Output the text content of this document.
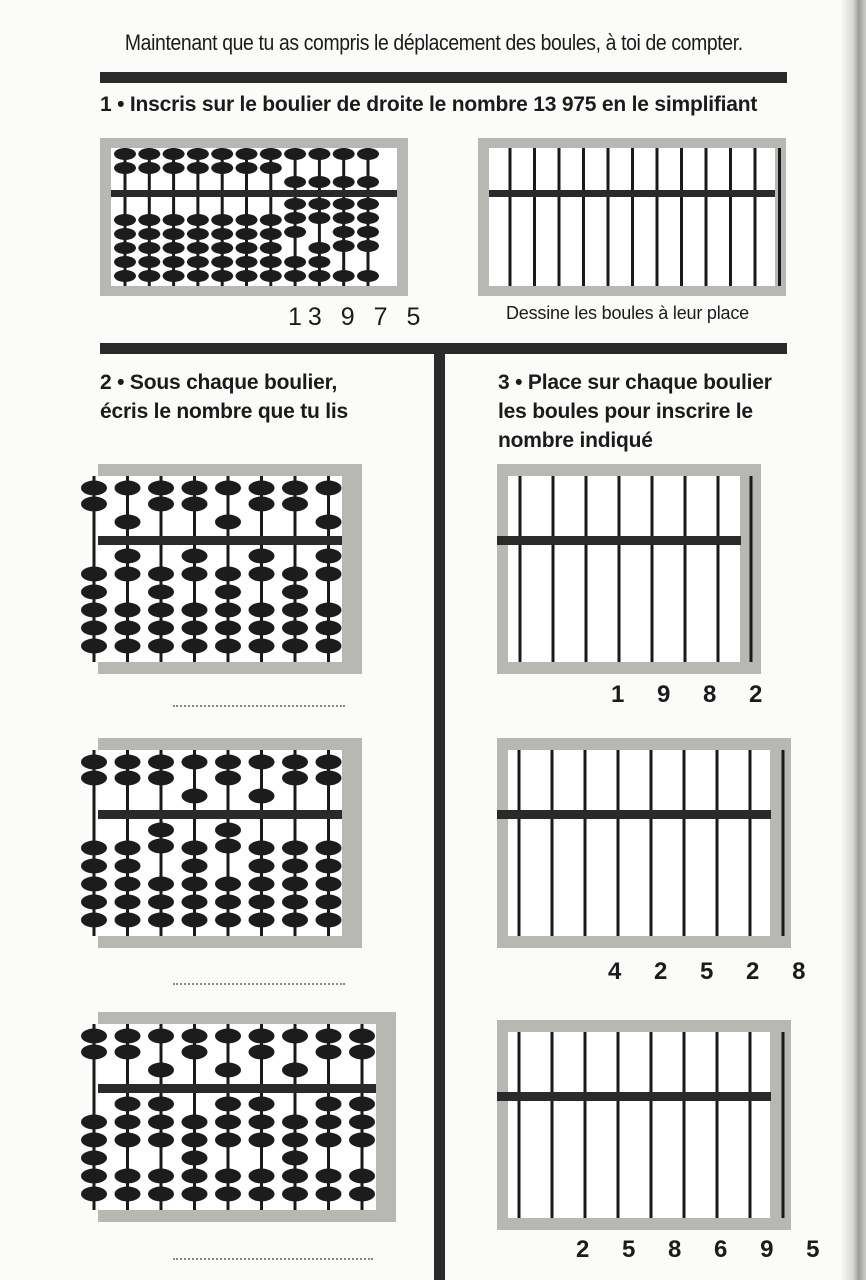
Maintenant que tu as compris le déplacement des boules, à toi de compter.
1 • Inscris sur le boulier de droite le nombre 13 975 en le simplifiant
13 9 7 5	Dessine les boules à leur place
2 • Sous chaque boulier,
écris le nombre que tu lis
3 • Place sur chaque boulier
les boules pour inscrire le
nombre indiqué
1 9 8 2
4 2 5 2 8
2 5 8 6 9 5
